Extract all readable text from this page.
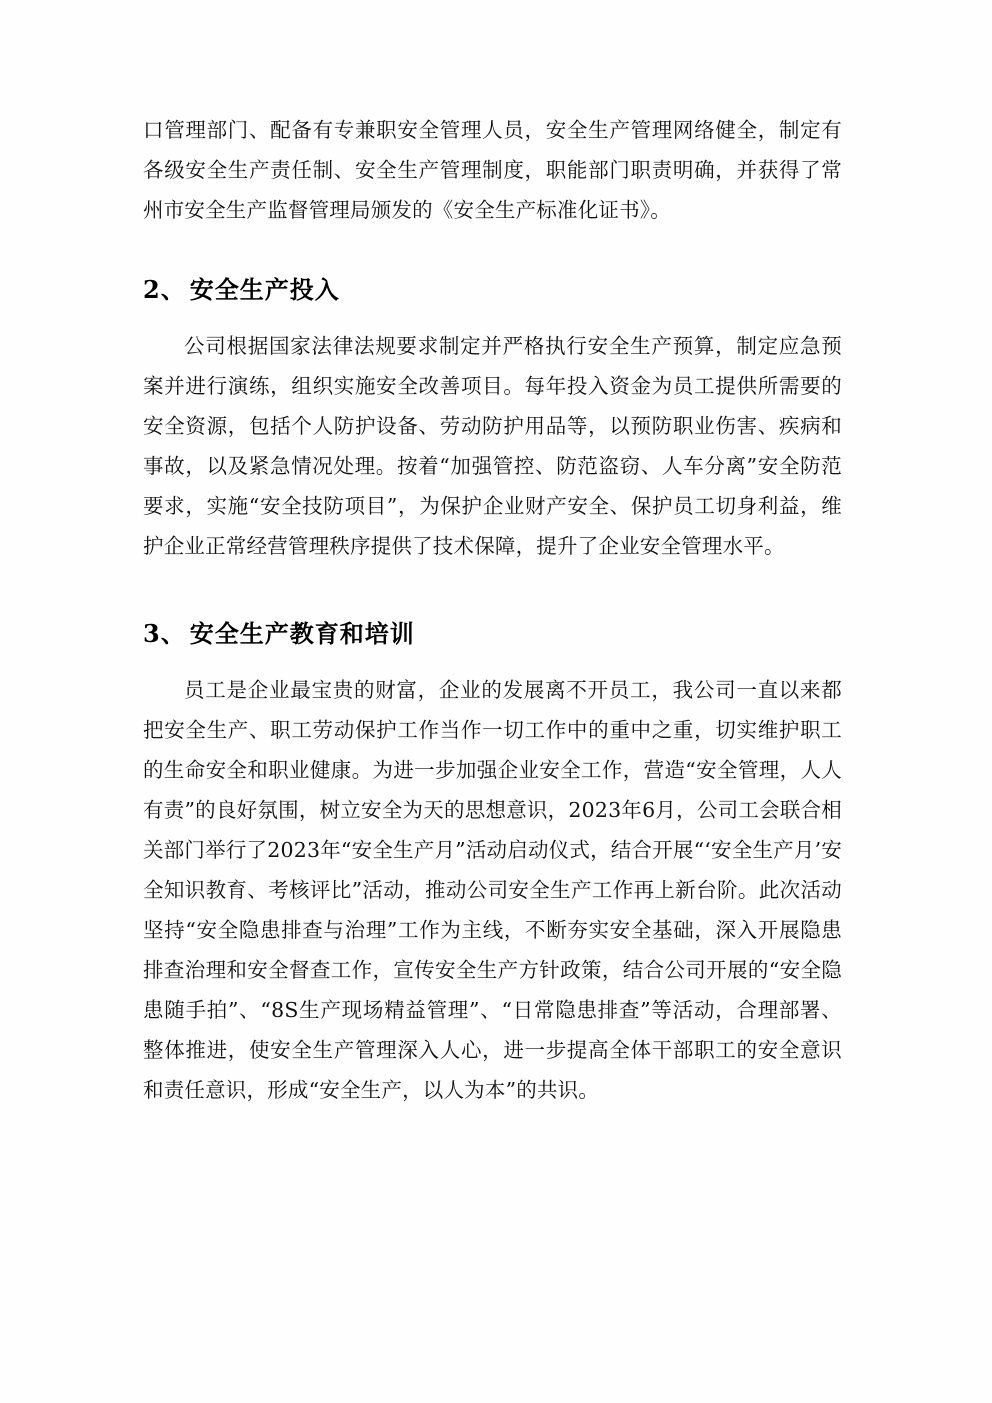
口管理部门、配备有专兼职安全管理人员，安全生产管理网络健全，制定有各级安全生产责任制、安全生产管理制度，职能部门职责明确，并获得了常州市安全生产监督管理局颁发的《安全生产标准化证书》。

2、 安全生产投入

公司根据国家法律法规要求制定并严格执行安全生产预算，制定应急预案并进行演练，组织实施安全改善项目。每年投入资金为员工提供所需要的安全资源，包括个人防护设备、劳动防护用品等，以预防职业伤害、疾病和事故，以及紧急情况处理。按着“加强管控、防范盗窃、人车分离”安全防范要求，实施“安全技防项目”，为保护企业财产安全、保护员工切身利益，维护企业正常经营管理秩序提供了技术保障，提升了企业安全管理水平。

3、 安全生产教育和培训

员工是企业最宝贵的财富，企业的发展离不开员工，我公司一直以来都把安全生产、职工劳动保护工作当作一切工作中的重中之重，切实维护职工的生命安全和职业健康。为进一步加强企业安全工作，营造“安全管理，人人有责”的良好氛围，树立安全为天的思想意识，2023年6月，公司工会联合相关部门举行了2023年“安全生产月”活动启动仪式，结合开展“‘安全生产月’安全知识教育、考核评比”活动，推动公司安全生产工作再上新台阶。此次活动坚持“安全隐患排查与治理”工作为主线，不断夯实安全基础，深入开展隐患排查治理和安全督查工作，宣传安全生产方针政策，结合公司开展的“安全隐患随手拍”、“8S生产现场精益管理”、“日常隐患排查”等活动，合理部署、整体推进，使安全生产管理深入人心，进一步提高全体干部职工的安全意识和责任意识，形成“安全生产，以人为本”的共识。
